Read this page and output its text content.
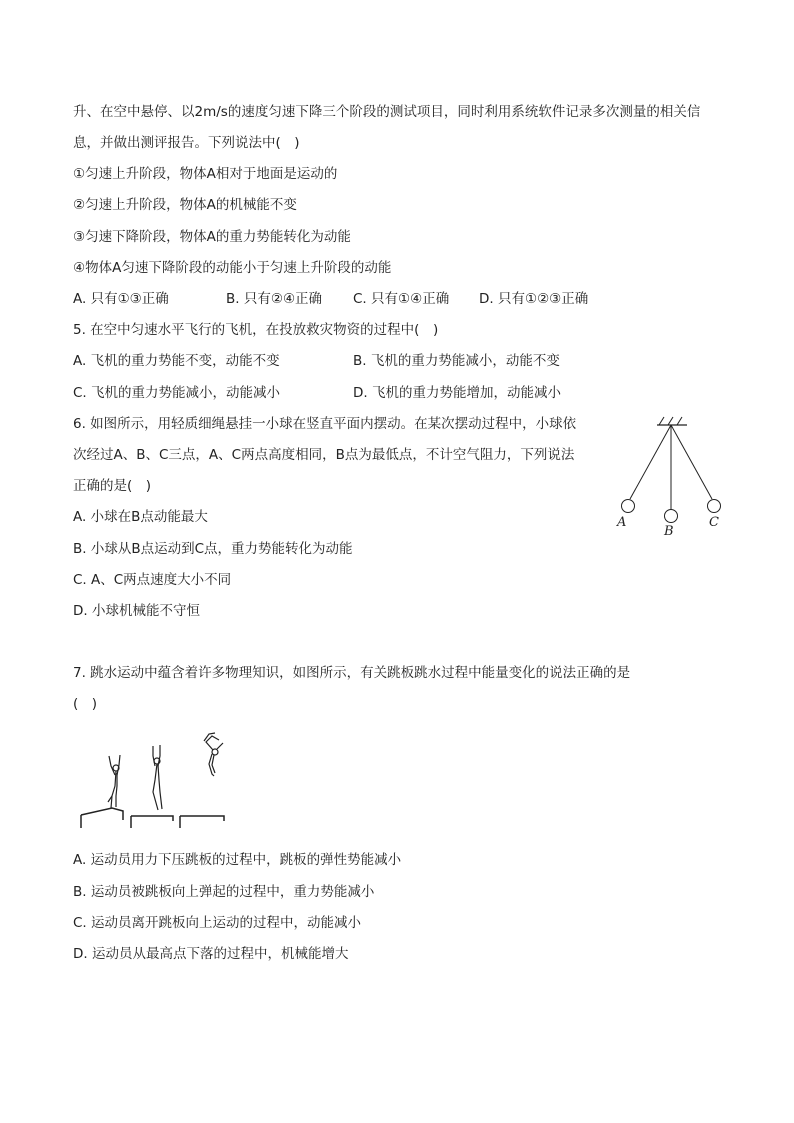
升、在空中悬停、以2m/s的速度匀速下降三个阶段的测试项目，同时利用系统软件记录多次测量的相关信
息，并做出测评报告。下列说法中(　)
①匀速上升阶段，物体A相对于地面是运动的
②匀速上升阶段，物体A的机械能不变
③匀速下降阶段，物体A的重力势能转化为动能
④物体A匀速下降阶段的动能小于匀速上升阶段的动能
A. 只有①③正确	B. 只有②④正确 C. 只有①④正确 D. 只有①②③正确
5. 在空中匀速水平飞行的飞机，在投放救灾物资的过程中(　)
A. 飞机的重力势能不变，动能不变	B. 飞机的重力势能减小，动能不变
C. 飞机的重力势能减小，动能减小	D. 飞机的重力势能增加，动能减小
6. 如图所示，用轻质细绳悬挂一小球在竖直平面内摆动。在某次摆动过程中，小球依
次经过A、B、C三点，A、C两点高度相同，B点为最低点，不计空气阻力，下列说法
正确的是(　)
A. 小球在B点动能最大
B. 小球从B点运动到C点，重力势能转化为动能
C. A、C两点速度大小不同
D. 小球机械能不守恒
A
B
C
7. 跳水运动中蕴含着许多物理知识，如图所示，有关跳板跳水过程中能量变化的说法正确的是
(　)
A. 运动员用力下压跳板的过程中，跳板的弹性势能减小
B. 运动员被跳板向上弹起的过程中，重力势能减小
C. 运动员离开跳板向上运动的过程中，动能减小
D. 运动员从最高点下落的过程中，机械能增大
